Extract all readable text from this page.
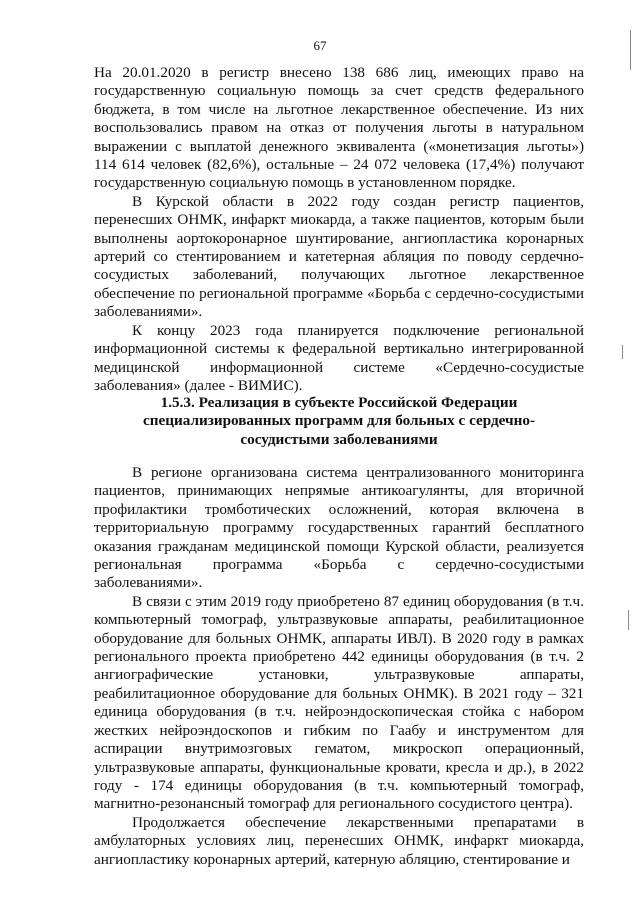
67

На 20.01.2020 в регистр внесено 138 686 лиц, имеющих право на государственную социальную помощь за счет средств федерального бюджета, в том числе на льготное лекарственное обеспечение. Из них воспользовались правом на отказ от получения льготы в натуральном выражении с выплатой денежного эквивалента («монетизация льготы») 114 614 человек (82,6%), остальные – 24 072 человека (17,4%) получают государственную социальную помощь в установленном порядке.

В Курской области в 2022 году создан регистр пациентов, перенесших ОНМК, инфаркт миокарда, а также пациентов, которым были выполнены аортокоронарное шунтирование, ангиопластика коронарных артерий со стентированием и катетерная абляция по поводу сердечно-сосудистых заболеваний, получающих льготное лекарственное обеспечение по региональной программе «Борьба с сердечно-сосудистыми заболеваниями».

К концу 2023 года планируется подключение региональной информационной системы к федеральной вертикально интегрированной медицинской информационной системе «Сердечно-сосудистые заболевания» (далее - ВИМИС).

1.5.3. Реализация в субъекте Российской Федерации специализированных программ для больных с сердечно-сосудистыми заболеваниями

В регионе организована система централизованного мониторинга пациентов, принимающих непрямые антикоагулянты, для вторичной профилактики тромботических осложнений, которая включена в территориальную программу государственных гарантий бесплатного оказания гражданам медицинской помощи Курской области, реализуется региональная программа «Борьба с сердечно-сосудистыми заболеваниями».

В связи с этим 2019 году приобретено 87 единиц оборудования (в т.ч. компьютерный томограф, ультразвуковые аппараты, реабилитационное оборудование для больных ОНМК, аппараты ИВЛ). В 2020 году в рамках регионального проекта приобретено 442 единицы оборудования (в т.ч. 2 ангиографические установки, ультразвуковые аппараты, реабилитационное оборудование для больных ОНМК). В 2021 году – 321 единица оборудования (в т.ч. нейроэндоскопическая стойка с набором жестких нейроэндоскопов и гибким по Гаабу и инструментом для аспирации внутримозговых гематом, микроскоп операционный, ультразвуковые аппараты, функциональные кровати, кресла и др.), в 2022 году - 174 единицы оборудования (в т.ч. компьютерный томограф, магнитно-резонансный томограф для регионального сосудистого центра).

Продолжается обеспечение лекарственными препаратами в амбулаторных условиях лиц, перенесших ОНМК, инфаркт миокарда, ангиопластику коронарных артерий, катерную абляцию, стентирование и
